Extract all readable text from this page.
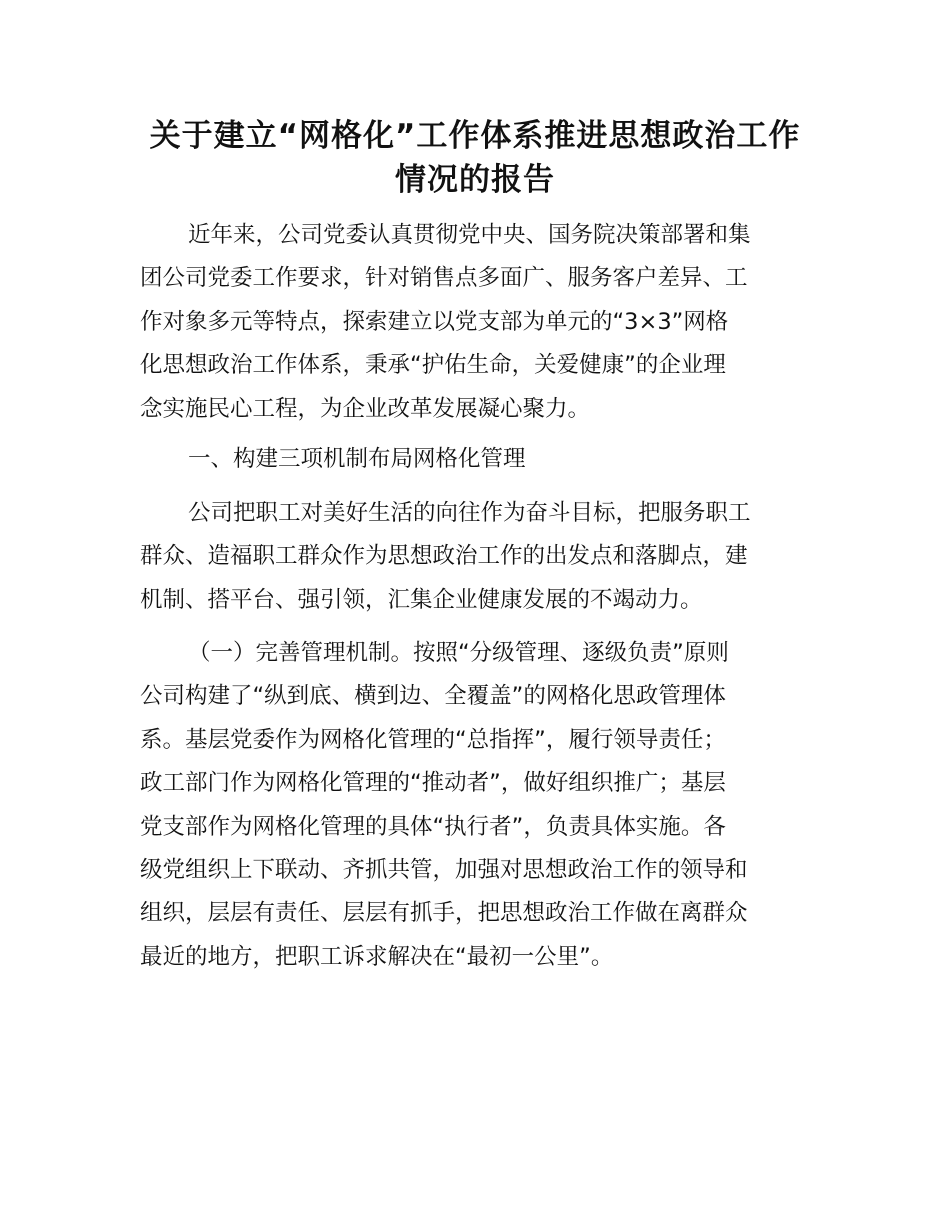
关于建立“网格化”工作体系推进思想政治工作
情况的报告
近年来，公司党委认真贯彻党中央、国务院决策部署和集
团公司党委工作要求，针对销售点多面广、服务客户差异、工
作对象多元等特点，探索建立以党支部为单元的“3×3”网格
化思想政治工作体系，秉承“护佑生命，关爱健康”的企业理
念实施民心工程，为企业改革发展凝心聚力。
一、构建三项机制布局网格化管理
公司把职工对美好生活的向往作为奋斗目标，把服务职工
群众、造福职工群众作为思想政治工作的出发点和落脚点，建
机制、搭平台、强引领，汇集企业健康发展的不竭动力。
（一）完善管理机制。按照“分级管理、逐级负责”原则
公司构建了“纵到底、横到边、全覆盖”的网格化思政管理体
系。基层党委作为网格化管理的“总指挥”，履行领导责任；
政工部门作为网格化管理的“推动者”，做好组织推广；基层
党支部作为网格化管理的具体“执行者”，负责具体实施。各
级党组织上下联动、齐抓共管，加强对思想政治工作的领导和
组织，层层有责任、层层有抓手，把思想政治工作做在离群众
最近的地方，把职工诉求解决在“最初一公里”。
